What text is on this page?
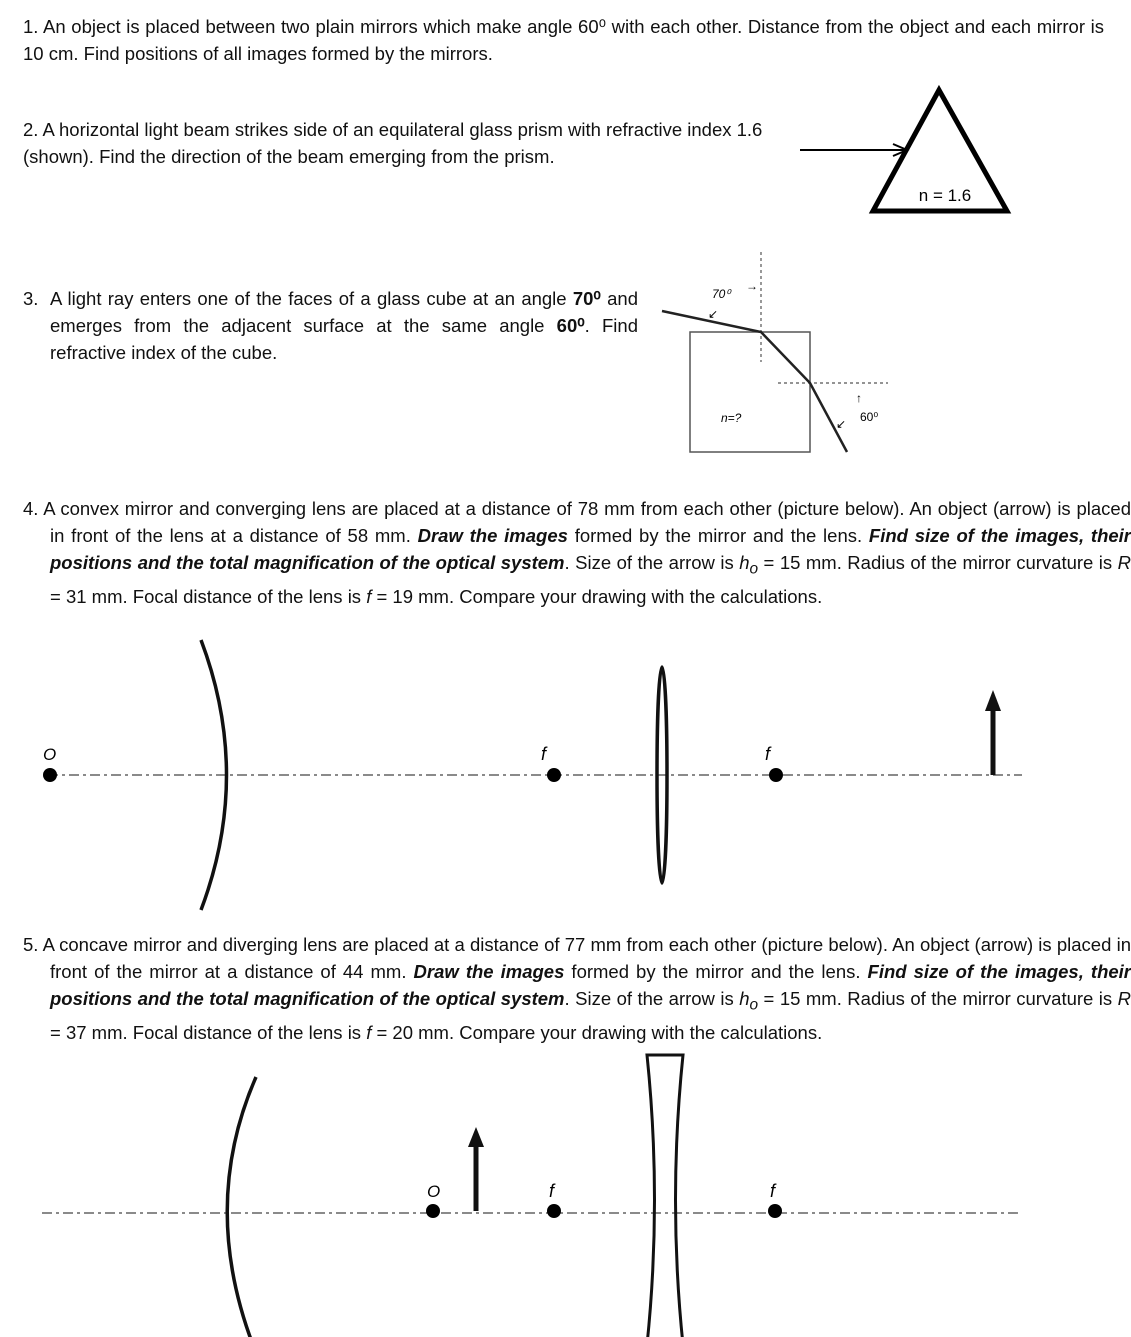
1. An object is placed between two plain mirrors which make angle 60⁰ with each other. Distance from the object and each mirror is 10 cm. Find positions of all images formed by the mirrors.

2. A horizontal light beam strikes side of an equilateral glass prism with refractive index 1.6 (shown). Find the direction of the beam emerging from the prism.

n = 1.6

3. A light ray enters one of the faces of a glass cube at an angle 70⁰ and emerges from the adjacent surface at the same angle 60⁰. Find refractive index of the cube.

70⁰
↙
→
↑
↙ 60⁰
n=?

4. A convex mirror and converging lens are placed at a distance of 78 mm from each other (picture below). An object (arrow) is placed in front of the lens at a distance of 58 mm. Draw the images formed by the mirror and the lens. Find size of the images, their positions and the total magnification of the optical system. Size of the arrow is $h_o = 15$ mm. Radius of the mirror curvature is R = 31 mm. Focal distance of the lens is f = 19 mm. Compare your drawing with the calculations.

O	f	f

5. A concave mirror and diverging lens are placed at a distance of 77 mm from each other (picture below). An object (arrow) is placed in front of the mirror at a distance of 44 mm. Draw the images formed by the mirror and the lens. Find size of the images, their positions and the total magnification of the optical system. Size of the arrow is $h_o = 15$ mm. Radius of the mirror curvature is R = 37 mm. Focal distance of the lens is f = 20 mm. Compare your drawing with the calculations.

O	f	f
